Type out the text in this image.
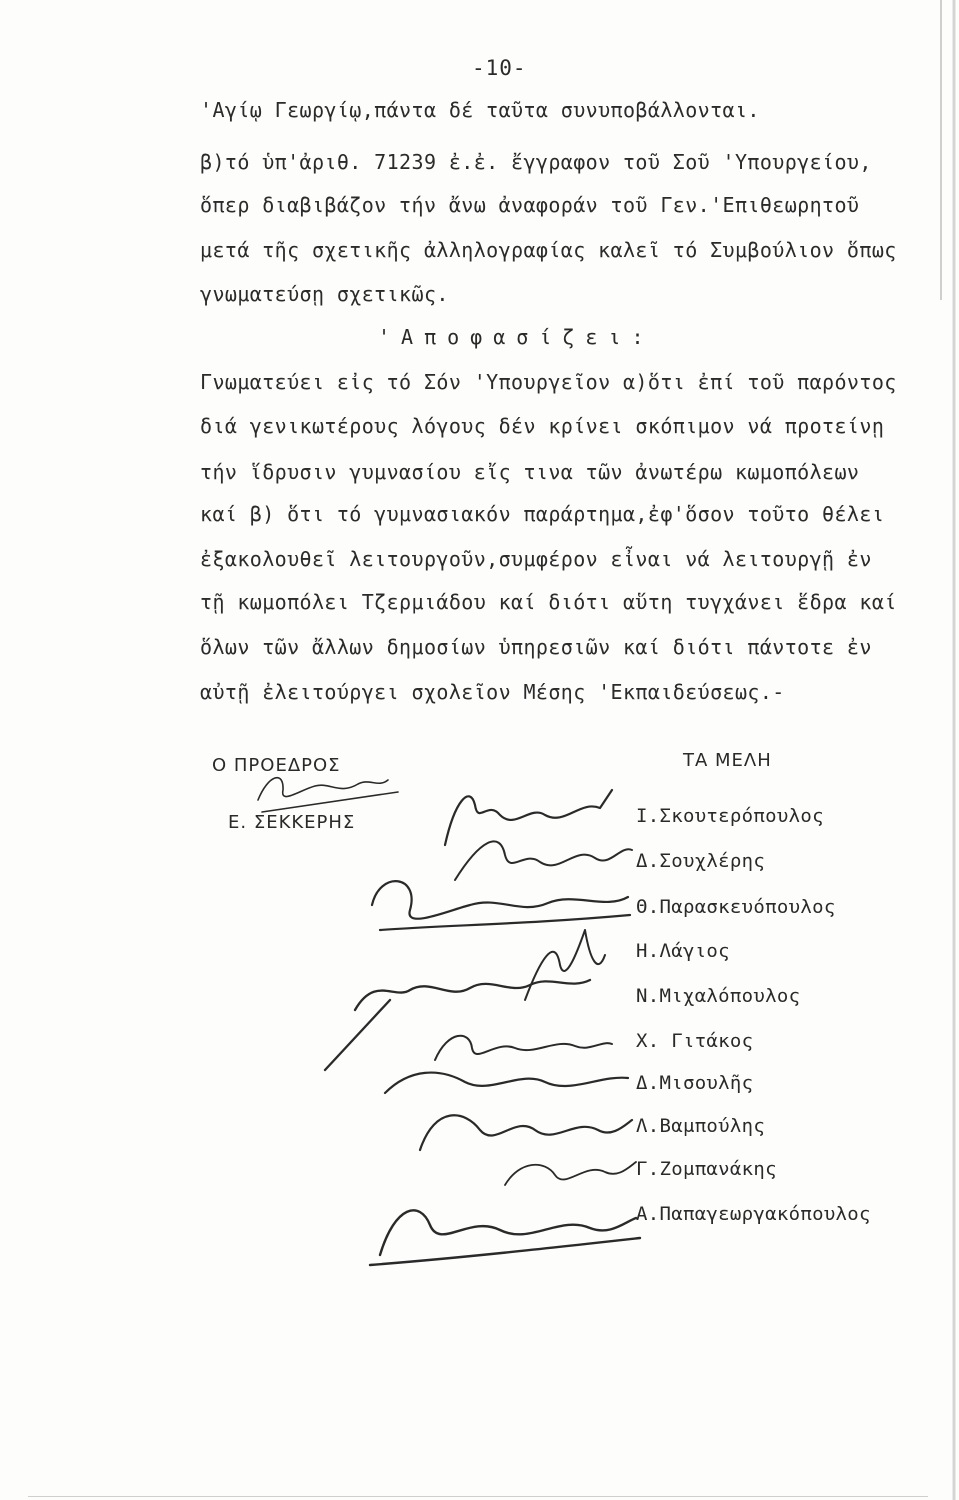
-10-
'Αγίῳ Γεωργίῳ,πάντα δέ ταῦτα συνυποβάλλονται.
β)τό ὑπ'ἀριθ. 71239 ἐ.ἐ. ἔγγραφον τοῦ Σοῦ 'Υπουργείου,
ὅπερ διαβιβάζον τήν ἄνω ἀναφοράν τοῦ Γεν.'Επιθεωρητοῦ
μετά τῆς σχετικῆς ἀλληλογραφίας καλεῖ τό Συμβούλιον ὅπως
γνωματεύσῃ σχετικῶς.
'Αποφασίζει:
Γνωματεύει εἰς τό Σόν 'Υπουργεῖον α)ὅτι ἐπί τοῦ παρόντος
διά γενικωτέρους λόγους δέν κρίνει σκόπιμον νά προτείνῃ
τήν ἵδρυσιν γυμνασίου εἴς τινα τῶν ἀνωτέρω κωμοπόλεων
καί β) ὅτι τό γυμνασιακόν παράρτημα,ἐφ'ὅσον τοῦτο θέλει
ἐξακολουθεῖ λειτουργοῦν,συμφέρον εἶναι νά λειτουργῇ ἐν
τῇ κωμοπόλει Τζερμιάδου καί διότι αὕτη τυγχάνει ἕδρα καί
ὅλων τῶν ἄλλων δημοσίων ὑπηρεσιῶν καί διότι πάντοτε ἐν
αὐτῇ ἐλειτούργει σχολεῖον Μέσης 'Εκπαιδεύσεως.-
Ο ΠΡΟΕΔΡΟΣ
Ε. ΣΕΚΚΕΡΗΣ
ΤΑ ΜΕΛΗ
Ι.Σκουτερόπουλος
Δ.Σουχλέρης
Θ.Παρασκευόπουλος
Η.Λάγιος
Ν.Μιχαλόπουλος
Χ. Γιτάκος
Δ.Μισουλῆς
Λ.Βαμπούλης
Γ.Ζομπανάκης
Α.Παπαγεωργακόπουλος
